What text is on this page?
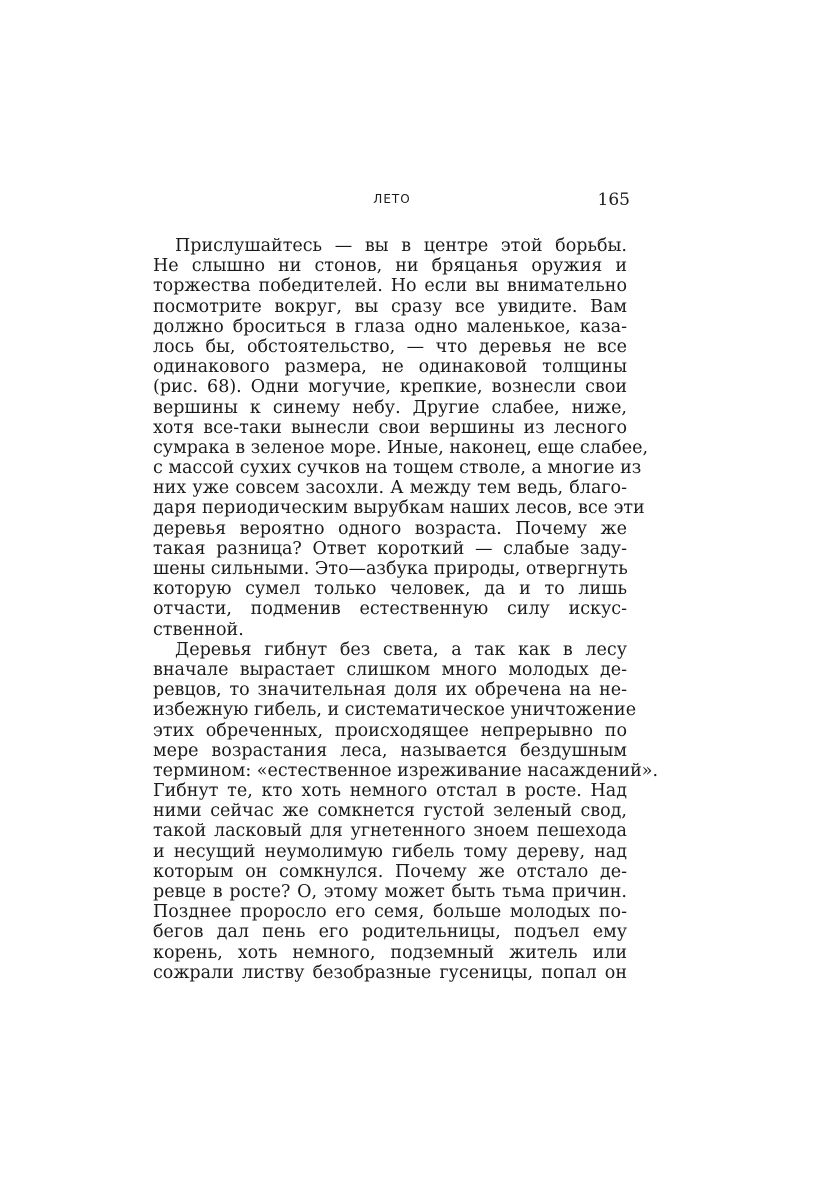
ЛЕТО	165
Прислушайтесь — вы в центре этой борьбы.
Не слышно ни стонов, ни бряцанья оружия и
торжества победителей. Но если вы внимательно
посмотрите вокруг, вы сразу все увидите. Вам
должно броситься в глаза одно маленькое, каза-
лось бы, обстоятельство, — что деревья не все
одинакового размера, не одинаковой толщины
(рис. 68). Одни могучие, крепкие, вознесли свои
вершины к синему небу. Другие слабее, ниже,
хотя все-таки вынесли свои вершины из лесного
сумрака в зеленое море. Иные, наконец, еще слабее,
с массой сухих сучков на тощем стволе, а многие из
них уже совсем засохли. А между тем ведь, благо-
даря периодическим вырубкам наших лесов, все эти
деревья вероятно одного возраста. Почему же
такая разница? Ответ короткий — слабые заду-
шены сильными. Это—азбука природы, отвергнуть
которую сумел только человек, да и то лишь
отчасти, подменив естественную силу искус-
ственной.
Деревья гибнут без света, а так как в лесу
вначале вырастает слишком много молодых де-
ревцов, то значительная доля их обречена на не-
избежную гибель, и систематическое уничтожение
этих обреченных, происходящее непрерывно по
мере возрастания леса, называется бездушным
термином: «естественное изреживание насаждений».
Гибнут те, кто хоть немного отстал в росте. Над
ними сейчас же сомкнется густой зеленый свод,
такой ласковый для угнетенного зноем пешехода
и несущий неумолимую гибель тому дереву, над
которым он сомкнулся. Почему же отстало де-
ревце в росте? О, этому может быть тьма причин.
Позднее проросло его семя, больше молодых по-
бегов дал пень его родительницы, подъел ему
корень, хоть немного, подземный житель или
сожрали листву безобразные гусеницы, попал он
